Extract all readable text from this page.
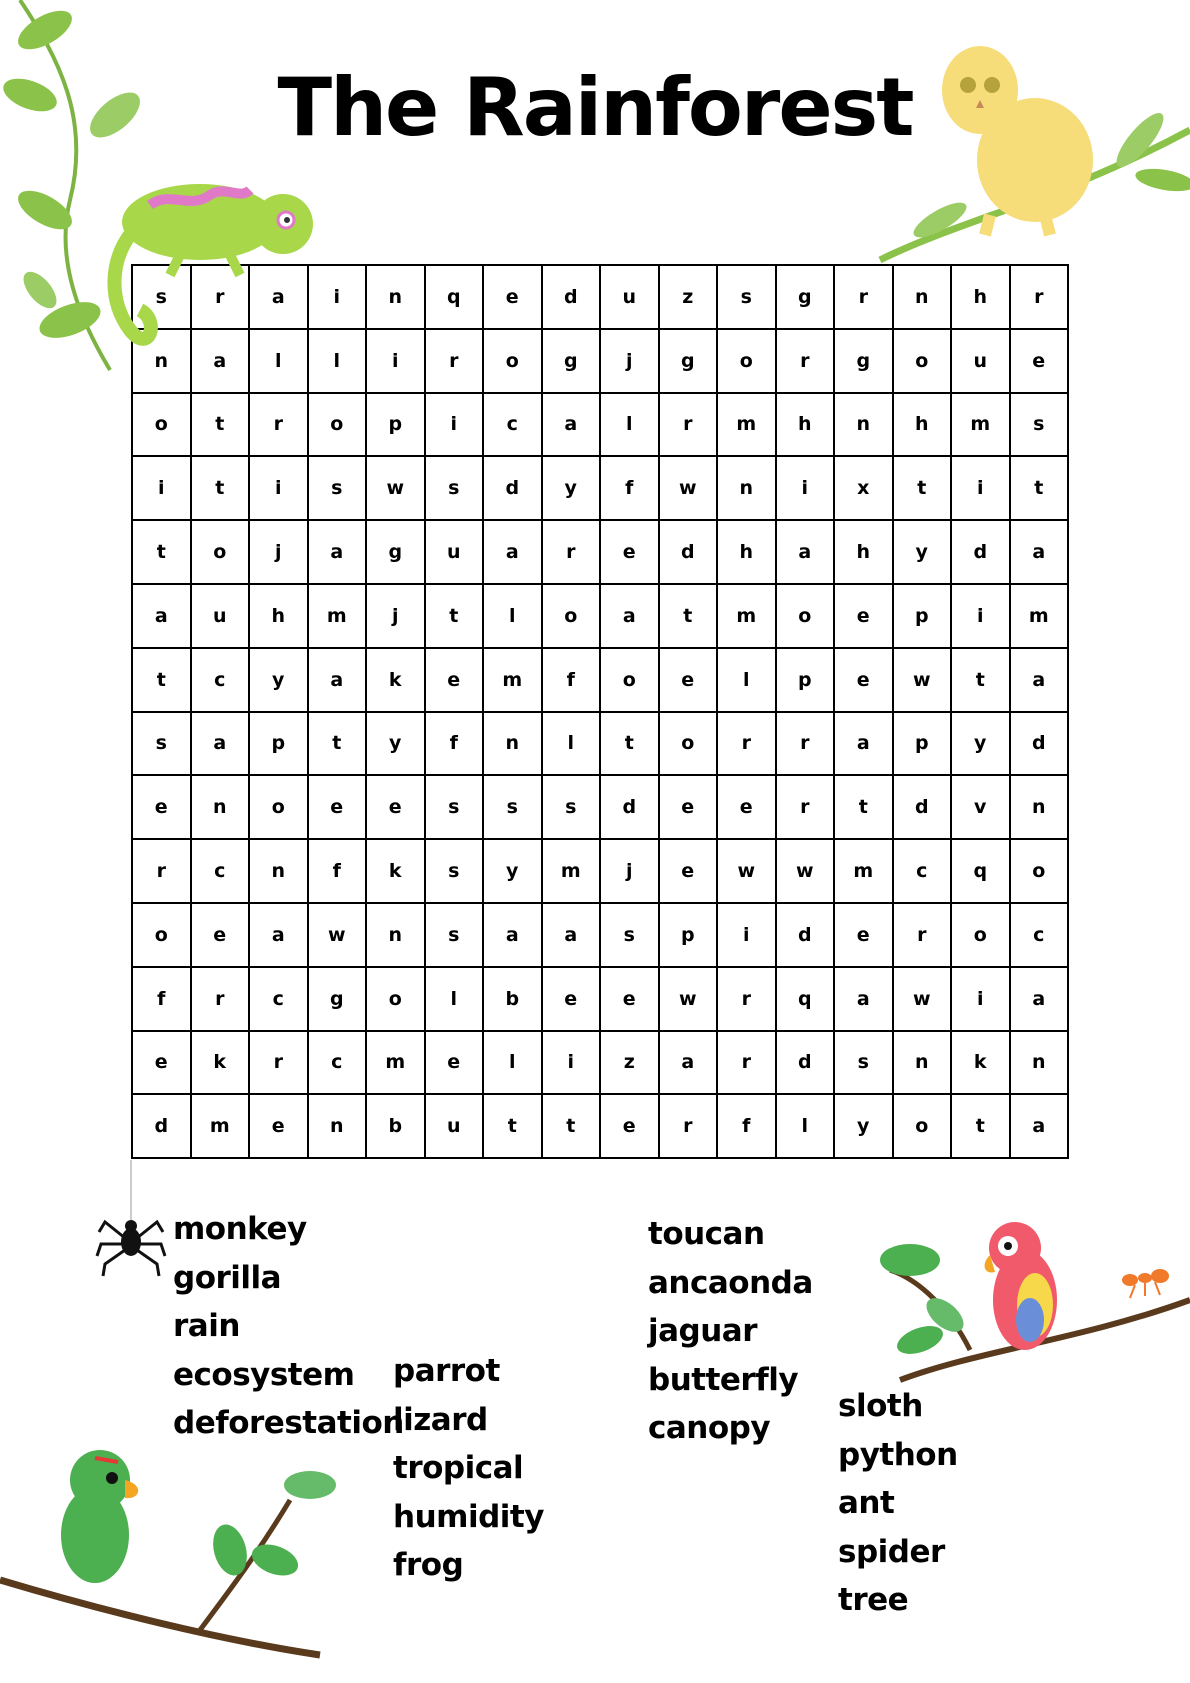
The Rainforest
s	r	a	i	n	q	e	d	u	z	s	g	r	n	h	r
n	a	l	l	i	r	o	g	j	g	o	r	g	o	u	e
o	t	r	o	p	i	c	a	l	r	m	h	n	h	m	s
i	t	i	s	w	s	d	y	f	w	n	i	x	t	i	t
t	o	j	a	g	u	a	r	e	d	h	a	h	y	d	a
a	u	h	m	j	t	l	o	a	t	m	o	e	p	i	m
t	c	y	a	k	e	m	f	o	e	l	p	e	w	t	a
s	a	p	t	y	f	n	l	t	o	r	r	a	p	y	d
e	n	o	e	e	s	s	s	d	e	e	r	t	d	v	n
r	c	n	f	k	s	y	m	j	e	w	w	m	c	q	o
o	e	a	w	n	s	a	a	s	p	i	d	e	r	o	c
f	r	c	g	o	l	b	e	e	w	r	q	a	w	i	a
e	k	r	c	m	e	l	i	z	a	r	d	s	n	k	n
d	m	e	n	b	u	t	t	e	r	f	l	y	o	t	a
monkey
gorilla
rain
ecosystem
deforestation
parrot
lizard
tropical
humidity
frog
toucan
ancaonda
jaguar
butterfly
canopy
sloth
python
ant
spider
tree
